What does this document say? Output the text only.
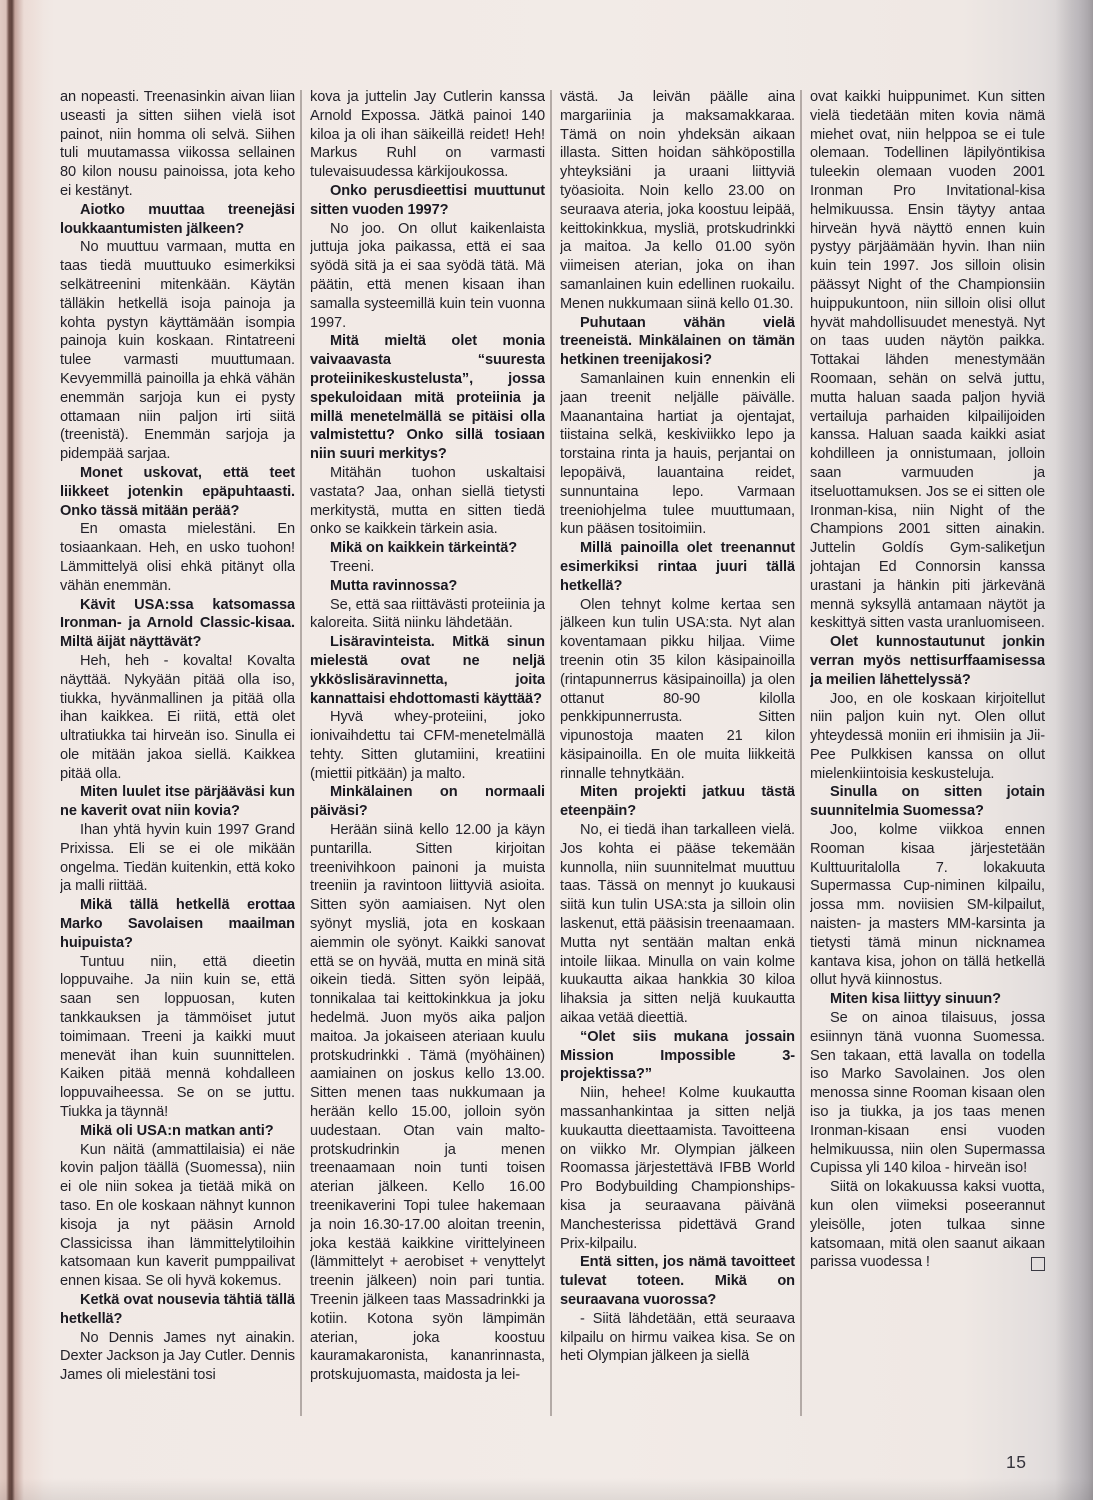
an nopeasti. Treenasinkin aivan liian useasti ja sitten siihen vielä isot painot, niin homma oli selvä. Siihen tuli muutamassa viikossa sellainen 80 kilon nousu painoissa, jota keho ei kestänyt.

Aiotko muuttaa treenejäsi loukkaantumisten jälkeen?

No muuttuu varmaan, mutta en taas tiedä muuttuuko esimerkiksi selkätreenini mitenkään. Käytän tälläkin hetkellä isoja painoja ja kohta pystyn käyttämään isompia painoja kuin koskaan. Rintatreeni tulee varmasti muuttumaan. Kevyemmillä painoilla ja ehkä vähän enemmän sarjoja kun ei pysty ottamaan niin paljon irti siitä (treenistä). Enemmän sarjoja ja pidempää sarjaa.

Monet uskovat, että teet liikkeet jotenkin epäpuhtaasti. Onko tässä mitään perää?

En omasta mielestäni. En tosiaankaan. Heh, en usko tuohon! Lämmittelyä olisi ehkä pitänyt olla vähän enemmän.

Kävit USA:ssa katsomassa Ironman- ja Arnold Classic-kisaa. Miltä äijät näyttävät?

Heh, heh - kovalta! Kovalta näyttää. Nykyään pitää olla iso, tiukka, hyvänmallinen ja pitää olla ihan kaikkea. Ei riitä, että olet ultratiukka tai hirveän iso. Sinulla ei ole mitään jakoa siellä. Kaikkea pitää olla.

Miten luulet itse pärjääväsi kun ne kaverit ovat niin kovia?

Ihan yhtä hyvin kuin 1997 Grand Prixissa. Eli se ei ole mikään ongelma. Tiedän kuitenkin, että koko ja malli riittää.

Mikä tällä hetkellä erottaa Marko Savolaisen maailman huipuista?

Tuntuu niin, että dieetin loppuvaihe. Ja niin kuin se, että saan sen loppuosan, kuten tankkauksen ja tämmöiset jutut toimimaan. Treeni ja kaikki muut menevät ihan kuin suunnittelen. Kaiken pitää mennä kohdalleen loppuvaiheessa. Se on se juttu. Tiukka ja täynnä!

Mikä oli USA:n matkan anti?

Kun näitä (ammattilaisia) ei näe kovin paljon täällä (Suomessa), niin ei ole niin sokea ja tietää mikä on taso. En ole koskaan nähnyt kunnon kisoja ja nyt pääsin Arnold Classicissa ihan lämmittelytiloihin katsomaan kun kaverit pumppailivat ennen kisaa. Se oli hyvä kokemus.

Ketkä ovat nousevia tähtiä tällä hetkellä?

No Dennis James nyt ainakin. Dexter Jackson ja Jay Cutler. Dennis James oli mielestäni tosi

kova ja juttelin Jay Cutlerin kanssa Arnold Expossa. Jätkä painoi 140 kiloa ja oli ihan säikeillä reidet! Heh! Markus Ruhl on varmasti tulevaisuudessa kärkijoukossa.

Onko perusdieettisi muuttunut sitten vuoden 1997?

No joo. On ollut kaikenlaista juttuja joka paikassa, että ei saa syödä sitä ja ei saa syödä tätä. Mä päätin, että menen kisaan ihan samalla systeemillä kuin tein vuonna 1997.

Mitä mieltä olet monia vaivaavasta “suuresta proteiinikeskustelusta”, jossa spekuloidaan mitä proteiinia ja millä menetelmällä se pitäisi olla valmistettu? Onko sillä tosiaan niin suuri merkitys?

Mitähän tuohon uskaltaisi vastata? Jaa, onhan siellä tietysti merkitystä, mutta en sitten tiedä onko se kaikkein tärkein asia.

Mikä on kaikkein tärkeintä?

Treeni.

Mutta ravinnossa?

Se, että saa riittävästi proteiinia ja kaloreita. Siitä niinku lähdetään.

Lisäravinteista. Mitkä sinun mielestä ovat ne neljä ykköslisäravinnetta, joita kannattaisi ehdottomasti käyttää?

Hyvä whey-proteiini, joko ionivaihdettu tai CFM-menetelmällä tehty. Sitten glutamiini, kreatiini (miettii pitkään) ja malto.

Minkälainen on normaali päiväsi?

Herään siinä kello 12.00 ja käyn puntarilla. Sitten kirjoitan treenivihkoon painoni ja muista treeniin ja ravintoon liittyviä asioita. Sitten syön aamiaisen. Nyt olen syönyt mysliä, jota en koskaan aiemmin ole syönyt. Kaikki sanovat että se on hyvää, mutta en minä sitä oikein tiedä. Sitten syön leipää, tonnikalaa tai keittokinkkua ja joku hedelmä. Juon myös aika paljon maitoa. Ja jokaiseen ateriaan kuulu protskudrinkki . Tämä (myöhäinen) aamiainen on joskus kello 13.00. Sitten menen taas nukkumaan ja herään kello 15.00, jolloin syön uudestaan. Otan vain malto-protskudrinkin ja menen treenaamaan noin tunti toisen aterian jälkeen. Kello 16.00 treenikaverini Topi tulee hakemaan ja noin 16.30-17.00 aloitan treenin, joka kestää kaikkine virittelyineen (lämmittelyt + aerobiset + venyttelyt treenin jälkeen) noin pari tuntia. Treenin jälkeen taas Massadrinkki ja kotiin. Kotona syön lämpimän aterian, joka koostuu kauramakaronista, kananrinnasta, protskujuomasta, maidosta ja lei-

västä. Ja leivän päälle aina margariinia ja maksamakkaraa. Tämä on noin yhdeksän aikaan illasta. Sitten hoidan sähköpostilla yhteyksiäni ja uraani liittyviä työasioita. Noin kello 23.00 on seuraava ateria, joka koostuu leipää, keittokinkkua, mysliä, protskudrinkki ja maitoa. Ja kello 01.00 syön viimeisen aterian, joka on ihan samanlainen kuin edellinen ruokailu. Menen nukkumaan siinä kello 01.30.

Puhutaan vähän vielä treeneistä. Minkälainen on tämän hetkinen treenijakosi?

Samanlainen kuin ennenkin eli jaan treenit neljälle päivälle. Maanantaina hartiat ja ojentajat, tiistaina selkä, keskiviikko lepo ja torstaina rinta ja hauis, perjantai on lepopäivä, lauantaina reidet, sunnuntaina lepo. Varmaan treeniohjelma tulee muuttumaan, kun pääsen tositoimiin.

Millä painoilla olet treenannut esimerkiksi rintaa juuri tällä hetkellä?

Olen tehnyt kolme kertaa sen jälkeen kun tulin USA:sta. Nyt alan koventamaan pikku hiljaa. Viime treenin otin 35 kilon käsipainoilla (rintapunnerrus käsipainoilla) ja olen ottanut 80-90 kilolla penkkipunnerrusta. Sitten vipunostoja maaten 21 kilon käsipainoilla. En ole muita liikkeitä rinnalle tehnytkään.

Miten projekti jatkuu tästä eteenpäin?

No, ei tiedä ihan tarkalleen vielä. Jos kohta ei pääse tekemään kunnolla, niin suunnitelmat muuttuu taas. Tässä on mennyt jo kuukausi siitä kun tulin USA:sta ja silloin olin laskenut, että pääsisin treenaamaan. Mutta nyt sentään maltan enkä intoile liikaa. Minulla on vain kolme kuukautta aikaa hankkia 30 kiloa lihaksia ja sitten neljä kuukautta aikaa vetää dieettiä.

“Olet siis mukana jossain Mission Impossible 3-projektissa?”

Niin, hehee! Kolme kuukautta massanhankintaa ja sitten neljä kuukautta dieettaamista. Tavoitteena on viikko Mr. Olympian jälkeen Roomassa järjestettävä IFBB World Pro Bodybuilding Championships-kisa ja seuraavana päivänä Manchesterissa pidettävä Grand Prix-kilpailu.

Entä sitten, jos nämä tavoitteet tulevat toteen. Mikä on seuraavana vuorossa?

- Siitä lähdetään, että seuraava kilpailu on hirmu vaikea kisa. Se on heti Olympian jälkeen ja siellä

ovat kaikki huippunimet. Kun sitten vielä tiedetään miten kovia nämä miehet ovat, niin helppoa se ei tule olemaan. Todellinen läpilyöntikisa tuleekin olemaan vuoden 2001 Ironman Pro Invitational-kisa helmikuussa. Ensin täytyy antaa hirveän hyvä näyttö ennen kuin pystyy pärjäämään hyvin. Ihan niin kuin tein 1997. Jos silloin olisin päässyt Night of the Championsiin huippukuntoon, niin silloin olisi ollut hyvät mahdollisuudet menestyä. Nyt on taas uuden näytön paikka. Tottakai lähden menestymään Roomaan, sehän on selvä juttu, mutta haluan saada paljon hyviä vertailuja parhaiden kilpailijoiden kanssa. Haluan saada kaikki asiat kohdilleen ja onnistumaan, jolloin saan varmuuden ja itseluottamuksen. Jos se ei sitten ole Ironman-kisa, niin Night of the Champions 2001 sitten ainakin. Juttelin Goldís Gym-saliketjun johtajan Ed Connorsin kanssa urastani ja hänkin piti järkevänä mennä syksyllä antamaan näytöt ja keskittyä sitten vasta uranluomiseen.

Olet kunnostautunut jonkin verran myös nettisurffaamisessa ja meilien lähettelyssä?

Joo, en ole koskaan kirjoitellut niin paljon kuin nyt. Olen ollut yhteydessä moniin eri ihmisiin ja Jii-Pee Pulkkisen kanssa on ollut mielenkiintoisia keskusteluja.

Sinulla on sitten jotain suunnitelmia Suomessa?

Joo, kolme viikkoa ennen Rooman kisaa järjestetään Kulttuuritalolla 7. lokakuuta Supermassa Cup-niminen kilpailu, jossa mm. noviisien SM-kilpailut, naisten- ja masters MM-karsinta ja tietysti tämä minun nicknamea kantava kisa, johon on tällä hetkellä ollut hyvä kiinnostus.

Miten kisa liittyy sinuun?

Se on ainoa tilaisuus, jossa esiinnyn tänä vuonna Suomessa. Sen takaan, että lavalla on todella iso Marko Savolainen. Jos olen menossa sinne Rooman kisaan olen iso ja tiukka, ja jos taas menen Ironman-kisaan ensi vuoden helmikuussa, niin olen Supermassa Cupissa yli 140 kiloa - hirveän iso!

Siitä on lokakuussa kaksi vuotta, kun olen viimeksi poseerannut yleisölle, joten tulkaa sinne katsomaan, mitä olen saanut aikaan parissa vuodessa !

15
